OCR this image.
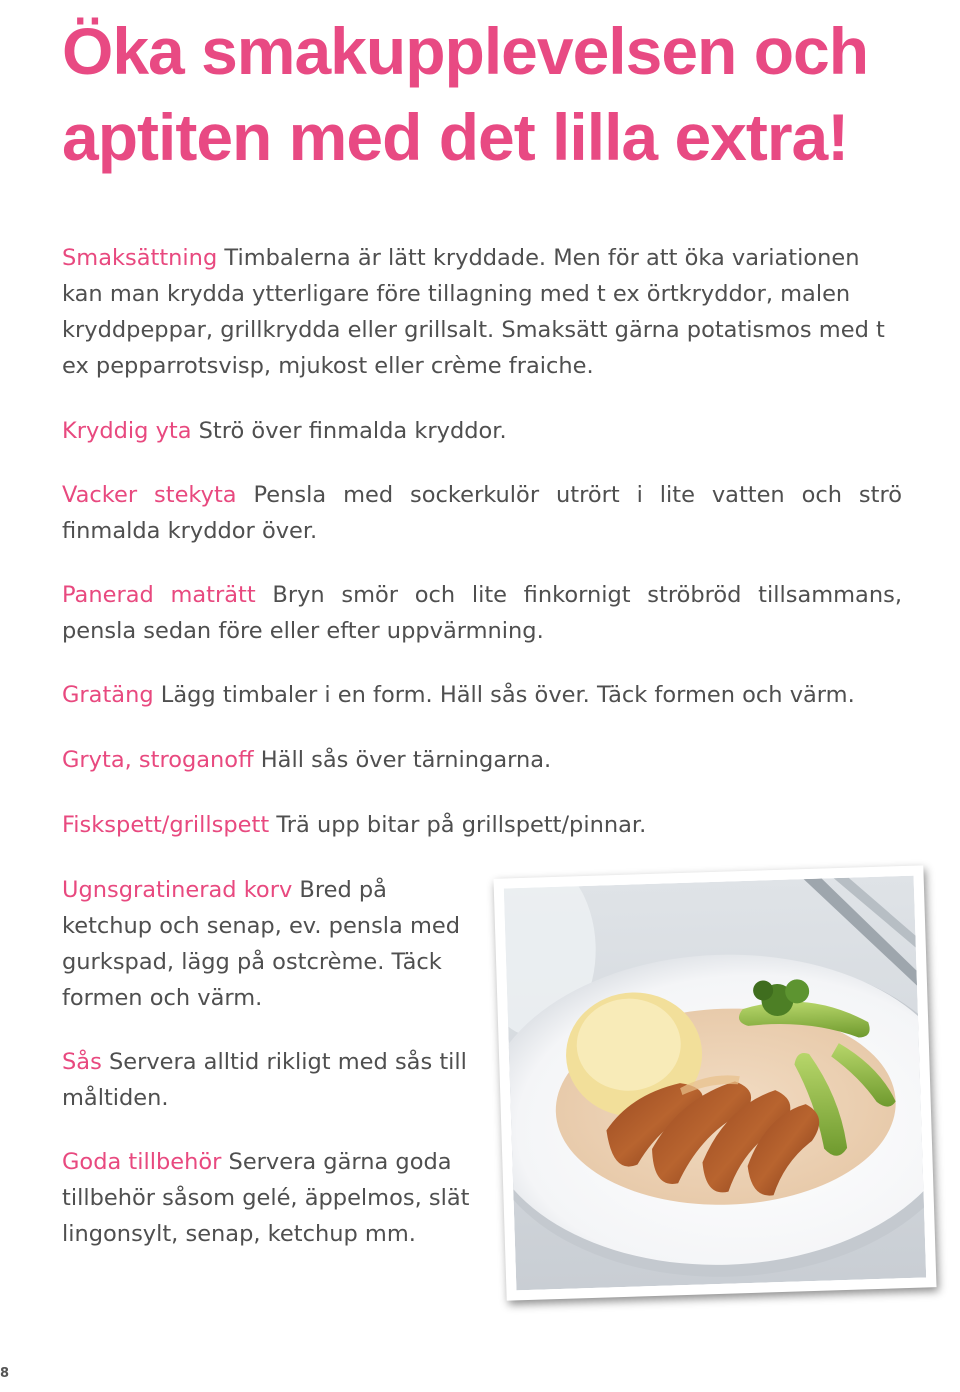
Öka smakupplevelsen och
aptiten med det lilla extra!

Smaksättning Timbalerna är lätt kryddade. Men för att öka variationen kan man krydda ytterligare före tillagning med t ex örtkryddor, malen kryddpeppar, grillkrydda eller grillsalt. Smaksätt gärna potatismos med t ex pepparrotsvisp, mjukost eller crème fraiche.

Kryddig yta Strö över finmalda kryddor.

Vacker stekyta Pensla med sockerkulör utrört i lite vatten och strö finmalda kryddor över.

Panerad maträtt Bryn smör och lite finkornigt ströbröd tillsammans, pensla sedan före eller efter uppvärmning.

Gratäng Lägg timbaler i en form. Häll sås över. Täck formen och värm.

Gryta, stroganoff Häll sås över tärningarna.

Fiskspett/grillspett Trä upp bitar på grillspett/pinnar.

Ugnsgratinerad korv Bred på ketchup och senap, ev. pensla med gurkspad, lägg på ostcrème. Täck formen och värm.

Sås Servera alltid rikligt med sås till måltiden.

Goda tillbehör Servera gärna goda tillbehör såsom gelé, äppelmos, slät lingonsylt, senap, ketchup mm.

8
